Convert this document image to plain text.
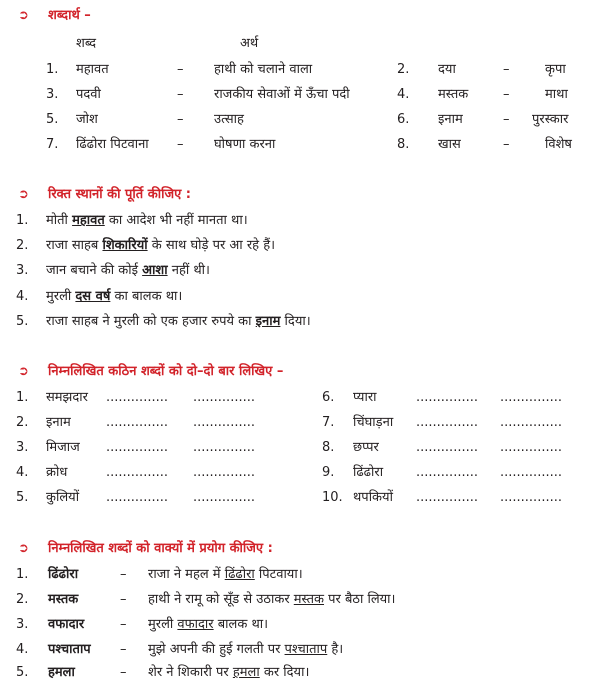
➲ शब्दार्थ –
शब्द	अर्थ
1. महावत	– हाथी को चलाने वाला	2. दया	–	कृपा
3. पदवी	– राजकीय सेवाओं में ऊँचा पदी	4. मस्तक	–	माथा
5. जोश	– उत्साह	6. इनाम	– पुरस्कार
7. ढिंढोरा पिटवाना – घोषणा करना	8. खास	–	विशेष
➲ रिक्त स्थानों की पूर्ति कीजिए :
1. मोती महावत का आदेश भी नहीं मानता था।
2. राजा साहब शिकारियों के साथ घोड़े पर आ रहे हैं।
3. जान बचाने की कोई आशा नहीं थी।
4. मुरली दस वर्ष का बालक था।
5. राजा साहब ने मुरली को एक हजार रुपये का इनाम दिया।
➲ निम्नलिखित कठिन शब्दों को दो–दो बार लिखिए –
1. समझदार ............... ...............
2. इनाम	............... ...............
3. मिजाज ............... ...............
4. क्रोध	............... ...............
5. कुलियों ............... ...............
6. प्यारा	............... ...............
7. चिंघाड़ना ............... ...............
8. छप्पर	............... ...............
9. ढिंढोरा	............... ...............
10. थपकियों ............... ...............
➲ निम्नलिखित शब्दों को वाक्यों में प्रयोग कीजिए :
1. ढिंढोरा	– राजा ने महल में ढिंढोरा पिटवाया।
2. मस्तक	– हाथी ने रामू को सूँड से उठाकर मस्तक पर बैठा लिया।
3. वफादार	– मुरली वफादार बालक था।
4. पश्चाताप – मुझे अपनी की हुई गलती पर पश्चाताप है।
5. हमला	– शेर ने शिकारी पर हमला कर दिया।
